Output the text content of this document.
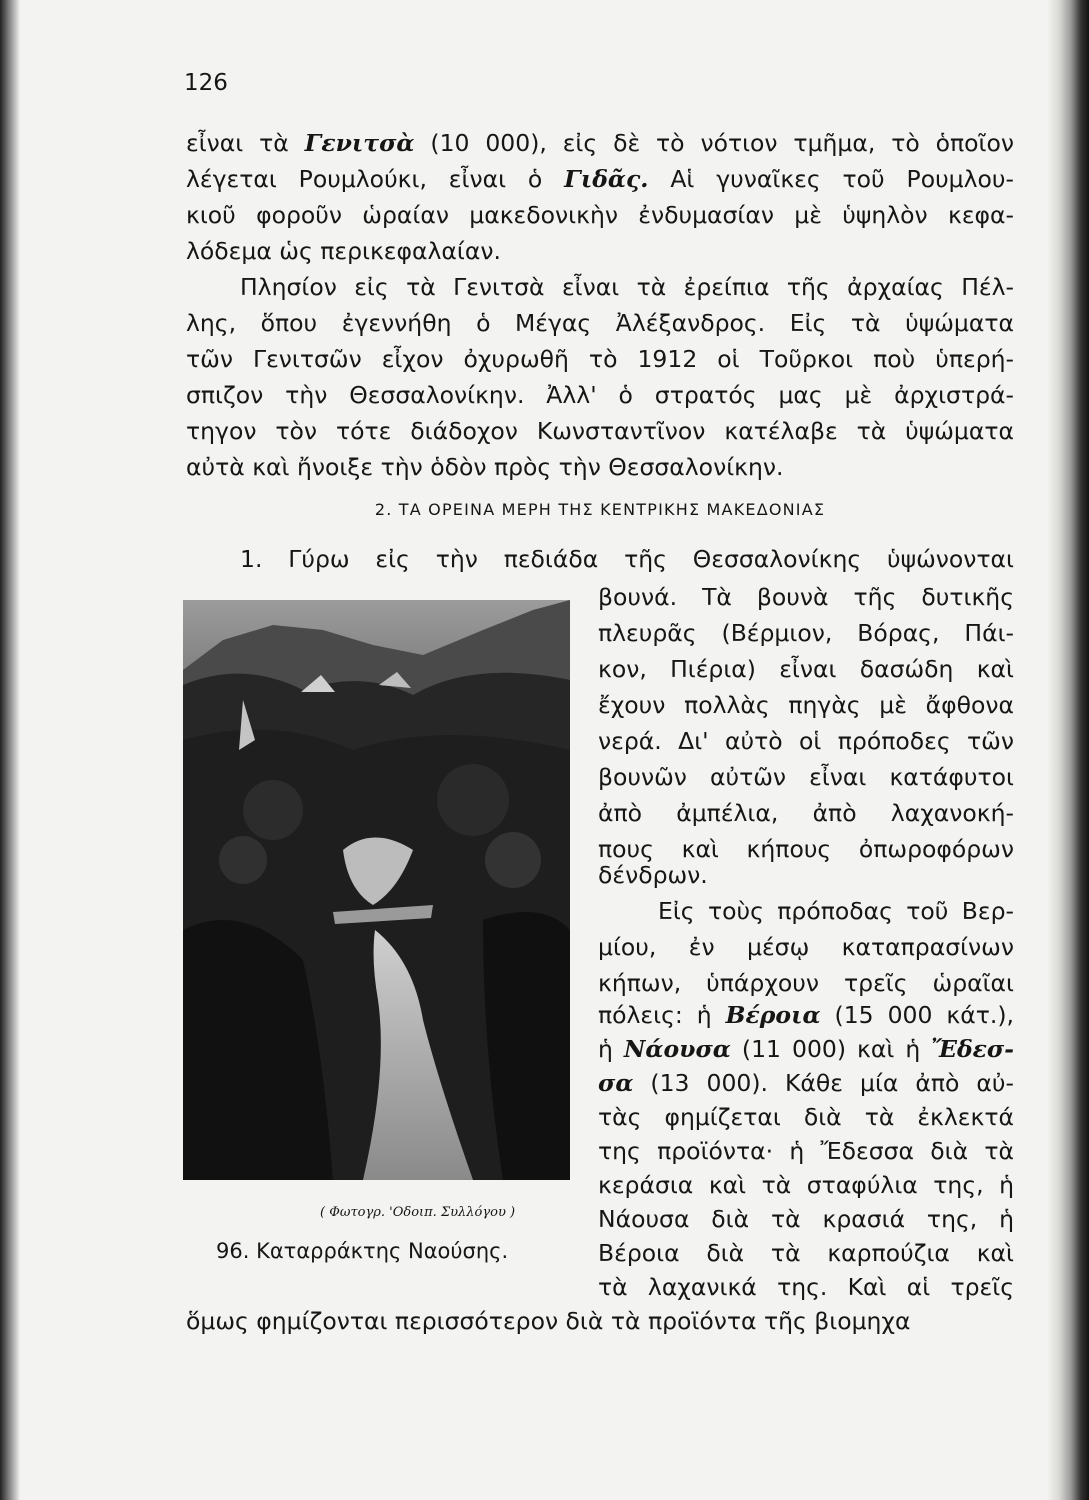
126
εἶναι τὰ Γενιτσὰ (10 000), εἰς δὲ τὸ νότιον τμῆμα, τὸ ὁποῖον
λέγεται Ρουμλούκι, εἶναι ὁ Γιδᾶς. Αἱ γυναῖκες τοῦ Ρουμλου-
κιοῦ φοροῦν ὡραίαν μακεδονικὴν ἐνδυμασίαν μὲ ὑψηλὸν κεφα-
λόδεμα ὡς περικεφαλαίαν.
Πλησίον εἰς τὰ Γενιτσὰ εἶναι τὰ ἐρείπια τῆς ἀρχαίας Πέλ-
λης, ὅπου ἐγεννήθη ὁ Μέγας Ἀλέξανδρος. Εἰς τὰ ὑψώματα
τῶν Γενιτσῶν εἶχον ὀχυρωθῆ τὸ 1912 οἱ Τοῦρκοι ποὺ ὑπερή-
σπιζον τὴν Θεσσαλονίκην. Ἀλλ' ὁ στρατός μας μὲ ἀρχιστρά-
τηγον τὸν τότε διάδοχον Κωνσταντῖνον κατέλαβε τὰ ὑψώματα
αὐτὰ καὶ ἤνοιξε τὴν ὁδὸν πρὸς τὴν Θεσσαλονίκην.
2. ΤΑ ΟΡΕΙΝΑ ΜΕΡΗ ΤΗΣ ΚΕΝΤΡΙΚΗΣ ΜΑΚΕΔΟΝΙΑΣ
1. Γύρω εἰς τὴν πεδιάδα τῆς Θεσσαλονίκης ὑψώνονται
βουνά. Τὰ βουνὰ τῆς δυτικῆς
πλευρᾶς (Βέρμιον, Βόρας, Πάι-
κον, Πιέρια) εἶναι δασώδη καὶ
ἔχουν πολλὰς πηγὰς μὲ ἄφθονα
νερά. Δι' αὐτὸ οἱ πρόποδες τῶν
βουνῶν αὐτῶν εἶναι κατάφυτοι
ἀπὸ ἀμπέλια, ἀπὸ λαχανοκή-
πους καὶ κήπους ὀπωροφόρων
δένδρων.
Εἰς τοὺς πρόποδας τοῦ Βερ-
μίου, ἐν μέσῳ καταπρασίνων
κήπων, ὑπάρχουν τρεῖς ὡραῖαι
πόλεις: ἡ Βέροια (15 000 κάτ.),
ἡ Νάουσα (11 000) καὶ ἡ Ἔδεσ-
σα (13 000). Κάθε μία ἀπὸ αὐ-
τὰς φημίζεται διὰ τὰ ἐκλεκτά
της προϊόντα· ἡ Ἔδεσσα διὰ τὰ
κεράσια καὶ τὰ σταφύλια της, ἡ
Νάουσα διὰ τὰ κρασιά της, ἡ
Βέροια διὰ τὰ καρπούζια καὶ
τὰ λαχανικά της. Καὶ αἱ τρεῖς
ὅμως φημίζονται περισσότερον διὰ τὰ προϊόντα τῆς βιομηχα
( Φωτογρ. 'Οδοιπ. Συλλόγου )
96. Καταρράκτης Ναούσης.
